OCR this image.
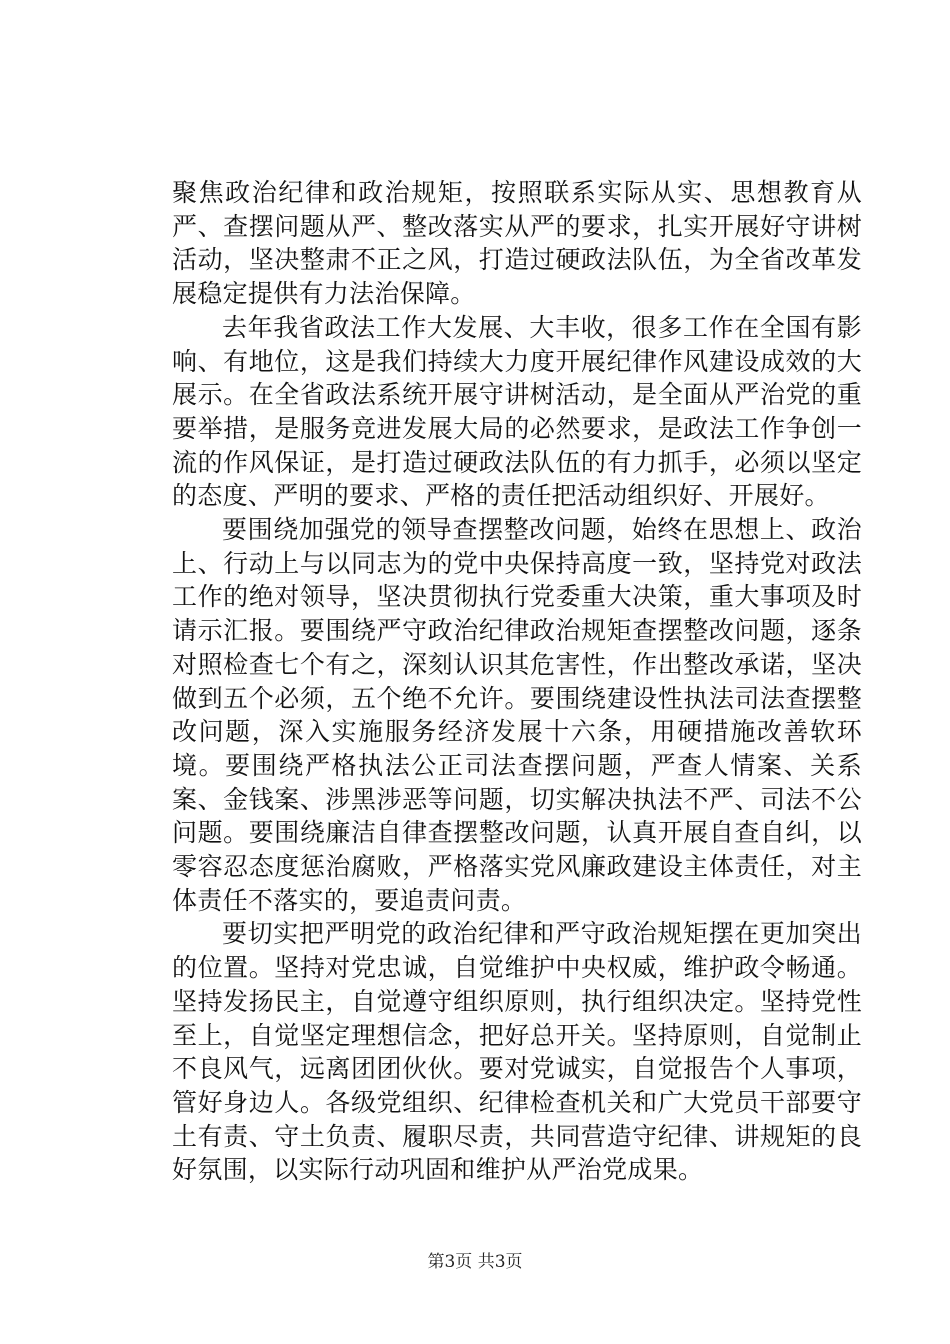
聚焦政治纪律和政治规矩，按照联系实际从实、思想教育从严、查摆问题从严、整改落实从严的要求，扎实开展好守讲树活动，坚决整肃不正之风，打造过硬政法队伍，为全省改革发展稳定提供有力法治保障。

去年我省政法工作大发展、大丰收，很多工作在全国有影响、有地位，这是我们持续大力度开展纪律作风建设成效的大展示。在全省政法系统开展守讲树活动，是全面从严治党的重要举措，是服务竞进发展大局的必然要求，是政法工作争创一流的作风保证，是打造过硬政法队伍的有力抓手，必须以坚定的态度、严明的要求、严格的责任把活动组织好、开展好。

要围绕加强党的领导查摆整改问题，始终在思想上、政治上、行动上与以同志为的党中央保持高度一致，坚持党对政法工作的绝对领导，坚决贯彻执行党委重大决策，重大事项及时请示汇报。要围绕严守政治纪律政治规矩查摆整改问题，逐条对照检查七个有之，深刻认识其危害性，作出整改承诺，坚决做到五个必须，五个绝不允许。要围绕建设性执法司法查摆整改问题，深入实施服务经济发展十六条，用硬措施改善软环境。要围绕严格执法公正司法查摆问题，严查人情案、关系案、金钱案、涉黑涉恶等问题，切实解决执法不严、司法不公问题。要围绕廉洁自律查摆整改问题，认真开展自查自纠，以零容忍态度惩治腐败，严格落实党风廉政建设主体责任，对主体责任不落实的，要追责问责。

要切实把严明党的政治纪律和严守政治规矩摆在更加突出的位置。坚持对党忠诚，自觉维护中央权威，维护政令畅通。坚持发扬民主，自觉遵守组织原则，执行组织决定。坚持党性至上，自觉坚定理想信念，把好总开关。坚持原则，自觉制止不良风气，远离团团伙伙。要对党诚实，自觉报告个人事项，管好身边人。各级党组织、纪律检查机关和广大党员干部要守土有责、守土负责、履职尽责，共同营造守纪律、讲规矩的良好氛围，以实际行动巩固和维护从严治党成果。

第3页 共3页
